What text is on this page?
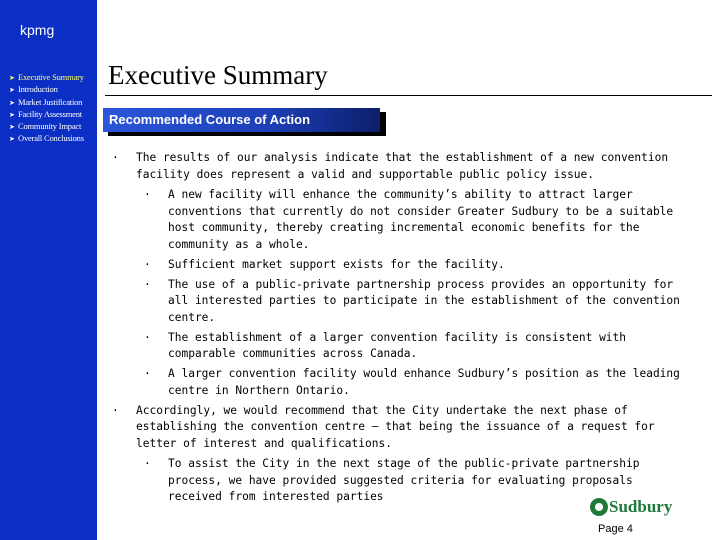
kpmg
➤ Executive Summary
➤ Introduction
➤ Market Justification
➤ Facility Assessment
➤ Community Impact
➤ Overall Conclusions
Executive Summary
Recommended Course of Action
· The results of our analysis indicate that the establishment of a new convention facility does represent a valid and supportable public policy issue.
· A new facility will enhance the community’s ability to attract larger conventions that currently do not consider Greater Sudbury to be a suitable host community, thereby creating incremental economic benefits for the community as a whole.
· Sufficient market support exists for the facility.
· The use of a public-private partnership process provides an opportunity for all interested parties to participate in the establishment of the convention centre.
· The establishment of a larger convention facility is consistent with comparable communities across Canada.
· A larger convention facility would enhance Sudbury’s position as the leading centre in Northern Ontario.
· Accordingly, we would recommend that the City undertake the next phase of establishing the convention centre – that being the issuance of a request for letter of interest and qualifications.
· To assist the City in the next stage of the public-private partnership process, we have provided suggested criteria for evaluating proposals received from interested parties
Sudbury
Page 4
